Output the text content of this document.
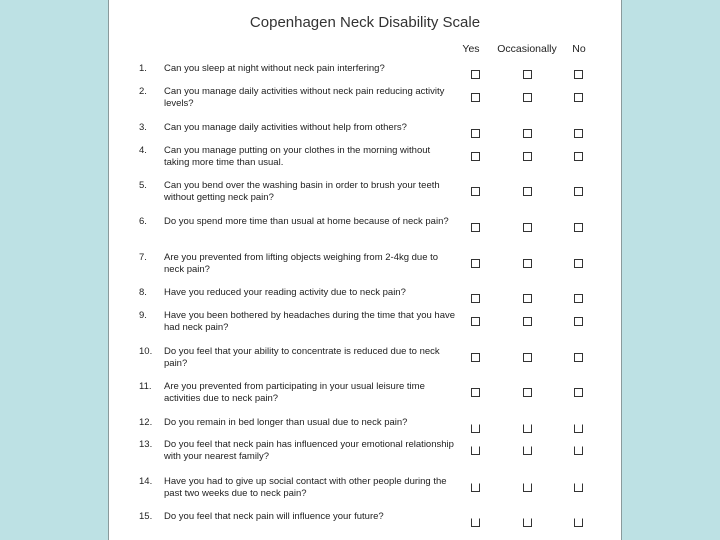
Copenhagen Neck Disability Scale
Yes Occasionally No
1. Can you sleep at night without neck pain interfering?
2. Can you manage daily activities without neck pain reducing activity levels?
3. Can you manage daily activities without help from others?
4. Can you manage putting on your clothes in the morning without taking more time than usual.
5. Can you bend over the washing basin in order to brush your teeth without getting neck pain?
6. Do you spend more time than usual at home because of neck pain?
7. Are you prevented from lifting objects weighing from 2-4kg due to neck pain?
8. Have you reduced your reading activity due to neck pain?
9. Have you been bothered by headaches during the time that you have had neck pain?
10. Do you feel that your ability to concentrate is reduced due to neck pain?
11. Are you prevented from participating in your usual leisure time activities due to neck pain?
12. Do you remain in bed longer than usual due to neck pain?
13. Do you feel that neck pain has influenced your emotional relationship with your nearest family?
14. Have you had to give up social contact with other people during the past two weeks due to neck pain?
15. Do you feel that neck pain will influence your future?
